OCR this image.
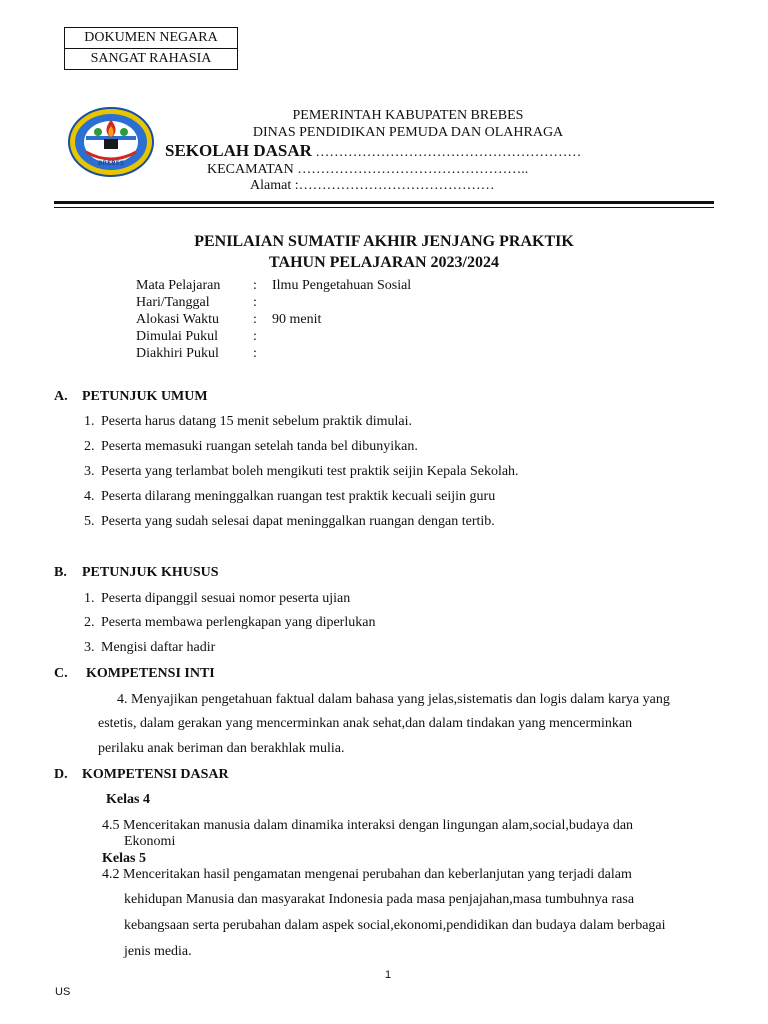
DOKUMEN NEGARA
SANGAT RAHASIA
BREBES
PEMERINTAH KABUPATEN BREBES
DINAS PENDIDIKAN PEMUDA DAN OLAHRAGA
SEKOLAH DASAR …………………………………………………
KECAMATAN …………………………………………..
Alamat :……………………………………
PENILAIAN SUMATIF AKHIR JENJANG PRAKTIK
TAHUN PELAJARAN 2023/2024
Mata Pelajaran : Ilmu Pengetahuan Sosial
Hari/Tanggal	:
Alokasi Waktu : 90 menit
Dimulai Pukul :
Diakhiri Pukul :
A. PETUNJUK UMUM
1. Peserta harus datang 15 menit sebelum praktik dimulai.
2. Peserta memasuki ruangan setelah tanda bel dibunyikan.
3. Peserta yang terlambat boleh mengikuti test praktik seijin Kepala Sekolah.
4. Peserta dilarang meninggalkan ruangan test praktik kecuali seijin guru
5. Peserta yang sudah selesai dapat meninggalkan ruangan dengan tertib.
B. PETUNJUK KHUSUS
1. Peserta dipanggil sesuai nomor peserta ujian
2. Peserta membawa perlengkapan yang diperlukan
3. Mengisi daftar hadir
C. KOMPETENSI INTI
4. Menyajikan pengetahuan faktual dalam bahasa yang jelas,sistematis dan logis dalam karya yang
estetis, dalam gerakan yang mencerminkan anak sehat,dan dalam tindakan yang mencerminkan
perilaku anak beriman dan berakhlak mulia.
D. KOMPETENSI DASAR
Kelas 4
4.5 Menceritakan manusia dalam dinamika interaksi dengan lingungan alam,social,budaya dan
Ekonomi
Kelas 5
4.2 Menceritakan hasil pengamatan mengenai perubahan dan keberlanjutan yang terjadi dalam
kehidupan Manusia dan masyarakat Indonesia pada masa penjajahan,masa tumbuhnya rasa
kebangsaan serta perubahan dalam aspek social,ekonomi,pendidikan dan budaya dalam berbagai
jenis media.
1
US
